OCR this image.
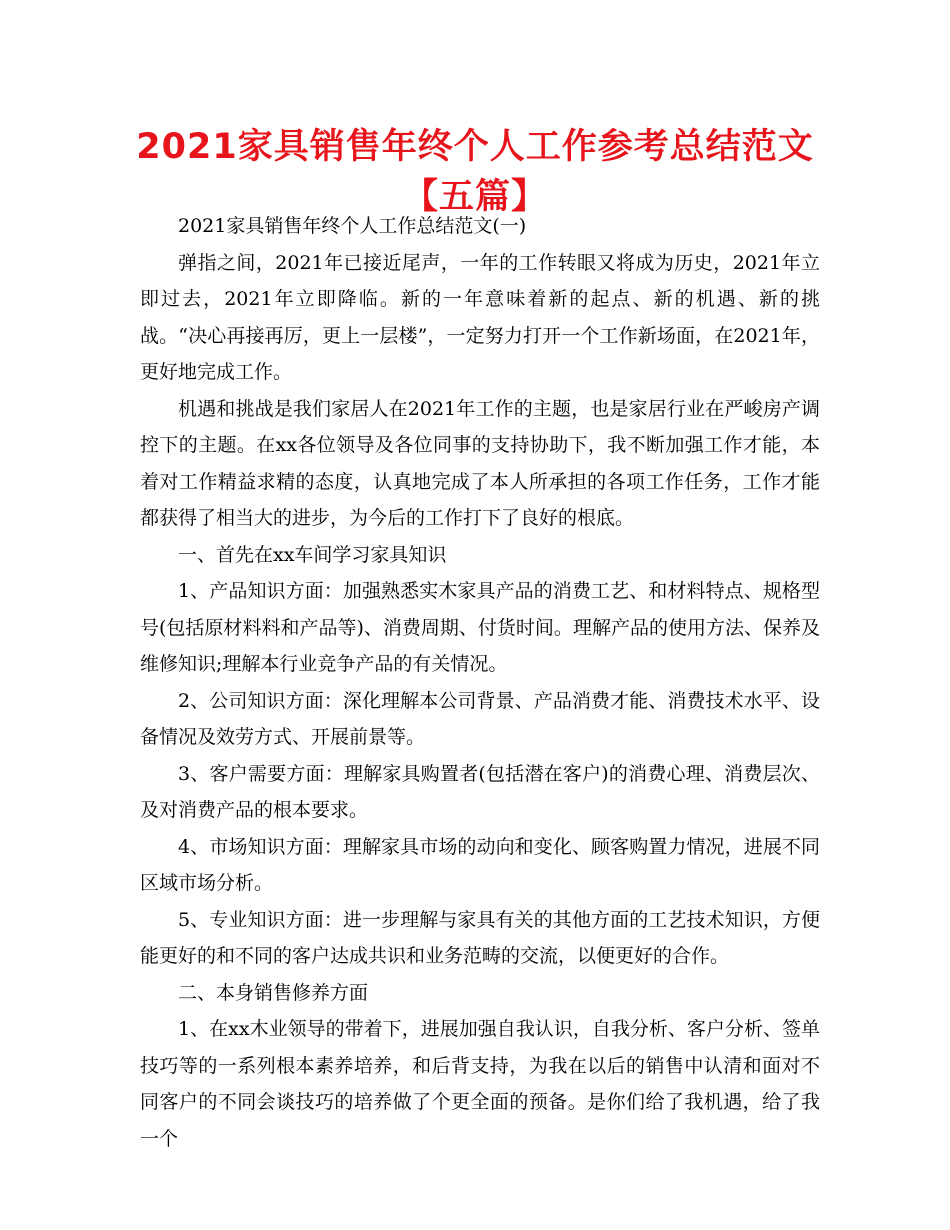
2021家具销售年终个人工作参考总结范文【五篇】

2021家具销售年终个人工作总结范文(一)

弹指之间，2021年已接近尾声，一年的工作转眼又将成为历史，2021年立即过去，2021年立即降临。新的一年意味着新的起点、新的机遇、新的挑战。“决心再接再厉，更上一层楼”，一定努力打开一个工作新场面，在2021年，更好地完成工作。

机遇和挑战是我们家居人在2021年工作的主题，也是家居行业在严峻房产调控下的主题。在xx各位领导及各位同事的支持协助下，我不断加强工作才能，本着对工作精益求精的态度，认真地完成了本人所承担的各项工作任务，工作才能都获得了相当大的进步，为今后的工作打下了良好的根底。

一、首先在xx车间学习家具知识

1、产品知识方面：加强熟悉实木家具产品的消费工艺、和材料特点、规格型号(包括原材料料和产品等)、消费周期、付货时间。理解产品的使用方法、保养及维修知识;理解本行业竞争产品的有关情况。

2、公司知识方面：深化理解本公司背景、产品消费才能、消费技术水平、设备情况及效劳方式、开展前景等。

3、客户需要方面：理解家具购置者(包括潜在客户)的消费心理、消费层次、及对消费产品的根本要求。

4、市场知识方面：理解家具市场的动向和变化、顾客购置力情况，进展不同区域市场分析。

5、专业知识方面：进一步理解与家具有关的其他方面的工艺技术知识，方便能更好的和不同的客户达成共识和业务范畴的交流，以便更好的合作。

二、本身销售修养方面

1、在xx木业领导的带着下，进展加强自我认识，自我分析、客户分析、签单技巧等的一系列根本素养培养，和后背支持，为我在以后的销售中认清和面对不同客户的不同会谈技巧的培养做了个更全面的预备。是你们给了我机遇，给了我一个
